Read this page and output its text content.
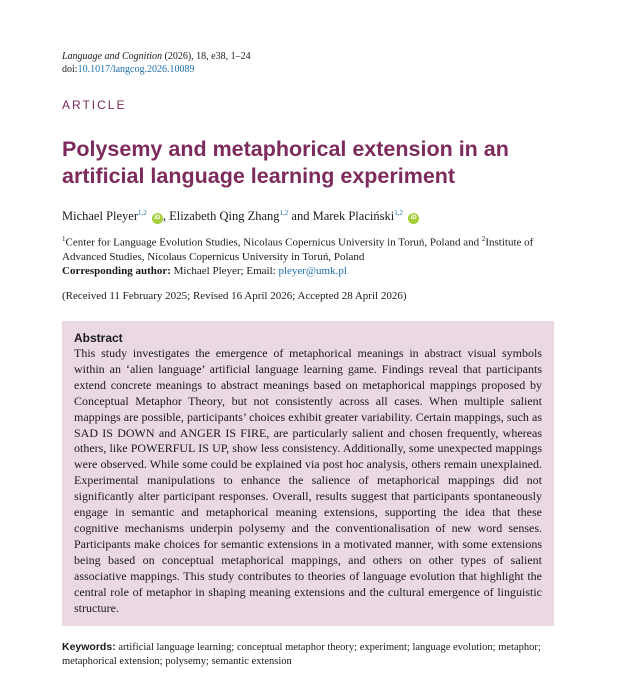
Language and Cognition (2026), 18, e38, 1–24
doi:10.1017/langcog.2026.10089
ARTICLE
Polysemy and metaphorical extension in an artificial language learning experiment
Michael Pleyer$^{1,2}$ iD , Elizabeth Qing Zhang$^{1,2}$ and Marek Placiński$^{1,2}$ iD
$^1$Center for Language Evolution Studies, Nicolaus Copernicus University in Toruń, Poland and $^2$Institute of Advanced Studies, Nicolaus Copernicus University in Toruń, Poland
Corresponding author: Michael Pleyer; Email: pleyer@umk.pl
(Received 11 February 2025; Revised 16 April 2026; Accepted 28 April 2026)
Abstract

This study investigates the emergence of metaphorical meanings in abstract visual symbols within an ‘alien language’ artificial language learning game. Findings reveal that participants extend concrete meanings to abstract meanings based on metaphorical mappings proposed by Conceptual Metaphor Theory, but not consistently across all cases. When multiple salient mappings are possible, participants’ choices exhibit greater variability. Certain mappings, such as SAD IS DOWN and ANGER IS FIRE, are particularly salient and chosen frequently, whereas others, like POWERFUL IS UP, show less consistency. Additionally, some unexpected mappings were observed. While some could be explained via post hoc analysis, others remain unexplained. Experimental manipulations to enhance the salience of metaphorical mappings did not significantly alter participant responses. Overall, results suggest that participants spontaneously engage in semantic and metaphorical meaning extensions, supporting the idea that these cognitive mechanisms underpin polysemy and the conventionalisation of new word senses. Participants make choices for semantic extensions in a motivated manner, with some extensions being based on conceptual metaphorical mappings, and others on other types of salient associative mappings. This study contributes to theories of language evolution that highlight the central role of metaphor in shaping meaning extensions and the cultural emergence of linguistic structure.

Keywords: artificial language learning; conceptual metaphor theory; experiment; language evolution; metaphor; metaphorical extension; polysemy; semantic extension
